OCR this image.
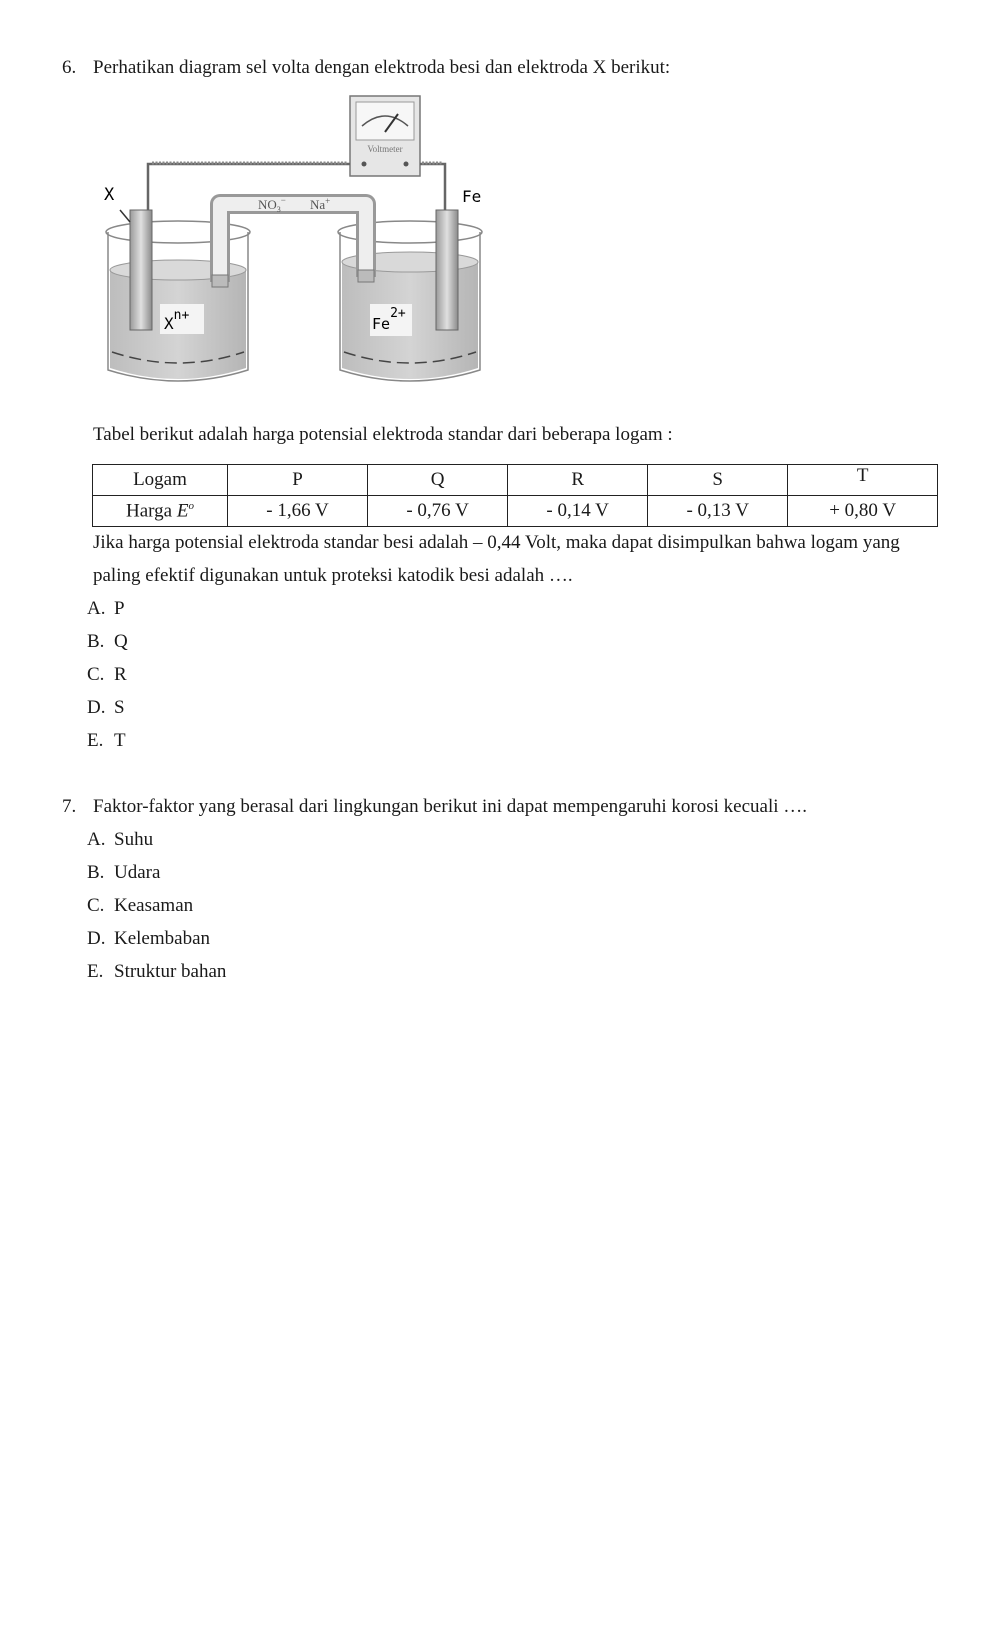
6. Perhatikan diagram sel volta dengan elektroda besi dan elektroda X berikut:
Voltmeter
$NO_3^-$ Na+
X	Fe
$X^{n+}$	Fe2+
Tabel berikut adalah harga potensial elektroda standar dari beberapa logam :
Logam	P	Q	R	S	T
Harga $E^o$	- 1,66 V	- 0,76 V	- 0,14 V	- 0,13 V	+ 0,80 V
Jika harga potensial elektroda standar besi adalah – 0,44 Volt, maka dapat disimpulkan bahwa logam yang
paling efektif digunakan untuk proteksi katodik besi adalah ….
A. P
B. Q
C. R
D. S
E. T
7. Faktor-faktor yang berasal dari lingkungan berikut ini dapat mempengaruhi korosi kecuali ….
A. Suhu
B. Udara
C. Keasaman
D. Kelembaban
E. Struktur bahan
